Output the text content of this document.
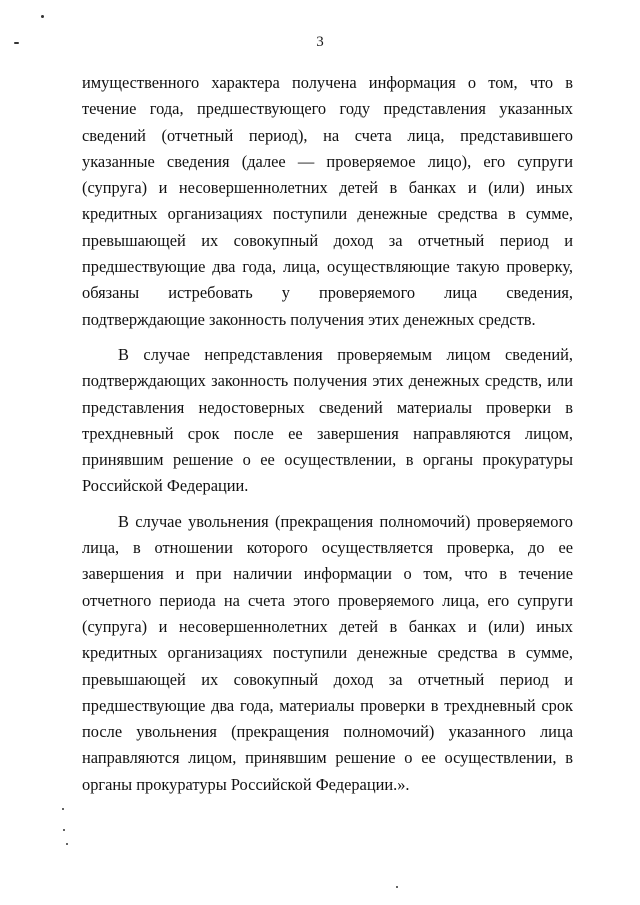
3

имущественного характера получена информация о том, что в течение года, предшествующего году представления указанных сведений (отчетный период), на счета лица, представившего указанные сведения (далее — проверяемое лицо), его супруги (супруга) и несовершеннолетних детей в банках и (или) иных кредитных организациях поступили денежные средства в сумме, превышающей их совокупный доход за отчетный период и предшествующие два года, лица, осуществляющие такую проверку, обязаны истребовать у проверяемого лица сведения, подтверждающие законность получения этих денежных средств.

В случае непредставления проверяемым лицом сведений, подтверждающих законность получения этих денежных средств, или представления недостоверных сведений материалы проверки в трехдневный срок после ее завершения направляются лицом, принявшим решение о ее осуществлении, в органы прокуратуры Российской Федерации.

В случае увольнения (прекращения полномочий) проверяемого лица, в отношении которого осуществляется проверка, до ее завершения и при наличии информации о том, что в течение отчетного периода на счета этого проверяемого лица, его супруги (супруга) и несовершеннолетних детей в банках и (или) иных кредитных организациях поступили денежные средства в сумме, превышающей их совокупный доход за отчетный период и предшествующие два года, материалы проверки в трехдневный срок после увольнения (прекращения полномочий) указанного лица направляются лицом, принявшим решение о ее осуществлении, в органы прокуратуры Российской Федерации.».
